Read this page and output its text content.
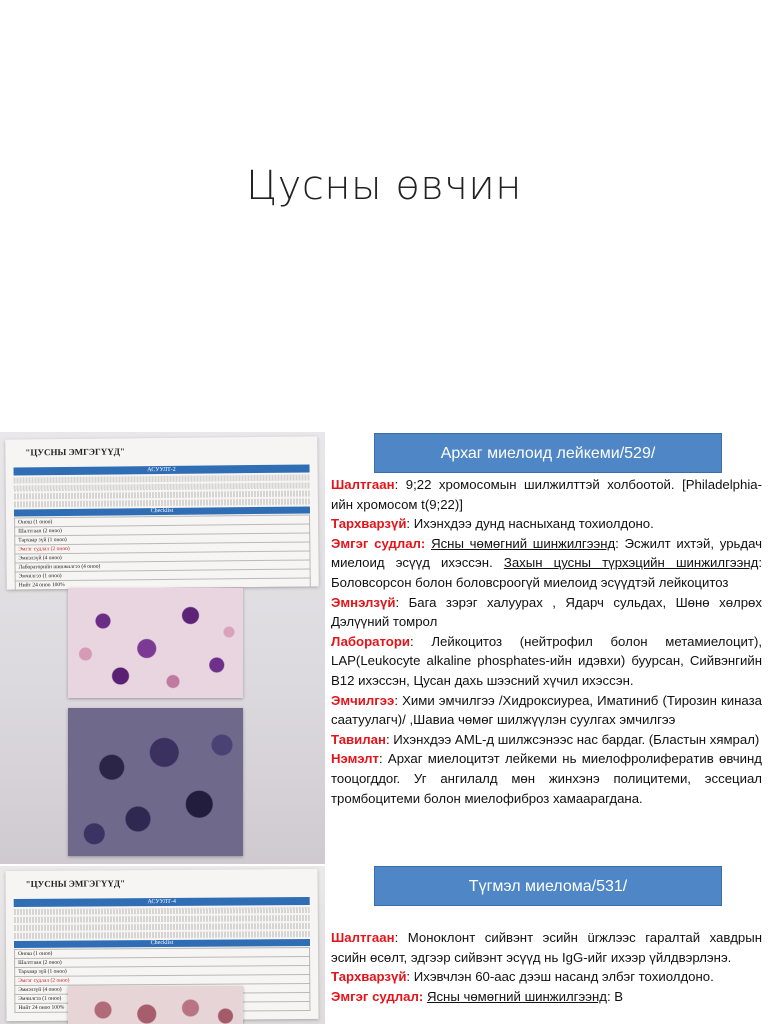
Цусны өвчин
"ЦУСНЫ ЭМГЭГҮҮД"
АСУУЛТ-2
Checklist
Онош (1 оноо)
Шалтгаан (2 оноо)
Тархвар зүй (1 оноо)
Эмгэг судлал (2 оноо)
Эмнэлзүй (4 оноо)
Лабораторийн шинжилгээ (4 оноо)
Эмчилгээ (1 оноо)
Нийт 24 оноо 100%
"ЦУСНЫ ЭМГЭГҮҮД"
АСУУЛТ-4
Checklist
Онош (1 оноо)
Шалтгаан (2 оноо)
Тархвар зүй (1 оноо)
Эмгэг судлал (2 оноо)
Эмнэлзүй (4 оноо)
Эмчилгээ (1 оноо)
Нийт 24 оноо 100%
Архаг миелоид лейкеми/529/

Шалтгаан: 9;22 хромосомын шилжилттэй холбоотой. [Philadelphia-ийн хромосом t(9;22)]

Тархварзүй: Ихэнхдээ дунд насныханд тохиолдоно.

Эмгэг судлал: Ясны чөмөгний шинжилгээнд: Эсжилт ихтэй, урьдач миелоид эсүүд ихэссэн. Захын цусны түрхэцийн шинжилгээнд: Боловсорсон болон боловсроогүй миелоид эсүүдтэй лейкоцитоз

Эмнэлзүй: Бага зэрэг халуурах , Ядарч сульдах, Шөнө хөлрөх Дэлүүний томрол

Лаборатори: Лейкоцитоз (нейтрофил болон метамиелоцит), LAP(Leukocyte alkaline phosphates-ийн идэвхи) буурсан, Сийвэнгийн B12 ихэссэн, Цусан дахь шээсний хүчил ихэссэн.

Эмчилгээ: Хими эмчилгээ /Хидроксиуреа, Иматиниб (Тирозин киназа саатуулагч)/ ,Шавиа чөмөг шилжүүлэн суулгах эмчилгээ

Тавилан: Ихэнхдээ AML-д шилжсэнээс нас бардаг. (Бластын хямрал)

Нэмэлт: Архаг миелоцитэт лейкеми нь миелофролиферaтив өвчинд тооцогддог. Уг ангилалд мөн жинхэнэ полицитеми, эссециал тромбоцитеми болон миелофиброз хамаарагдана.

Түгмэл миелома/531/

Шалтгаан: Моноклонт сийвэнт эсийн ürжлээс гаралтай хавдрын эсийн өсөлт, эдгээр сийвэнт эсүүд нь IgG-ийг ихээр үйлдвэрлэнэ.

Тархварзүй: Ихэвчлэн 60-аас дээш насанд элбэг тохиолдоно.

Эмгэг судлал: Ясны чөмөгний шинжилгээнд: В
